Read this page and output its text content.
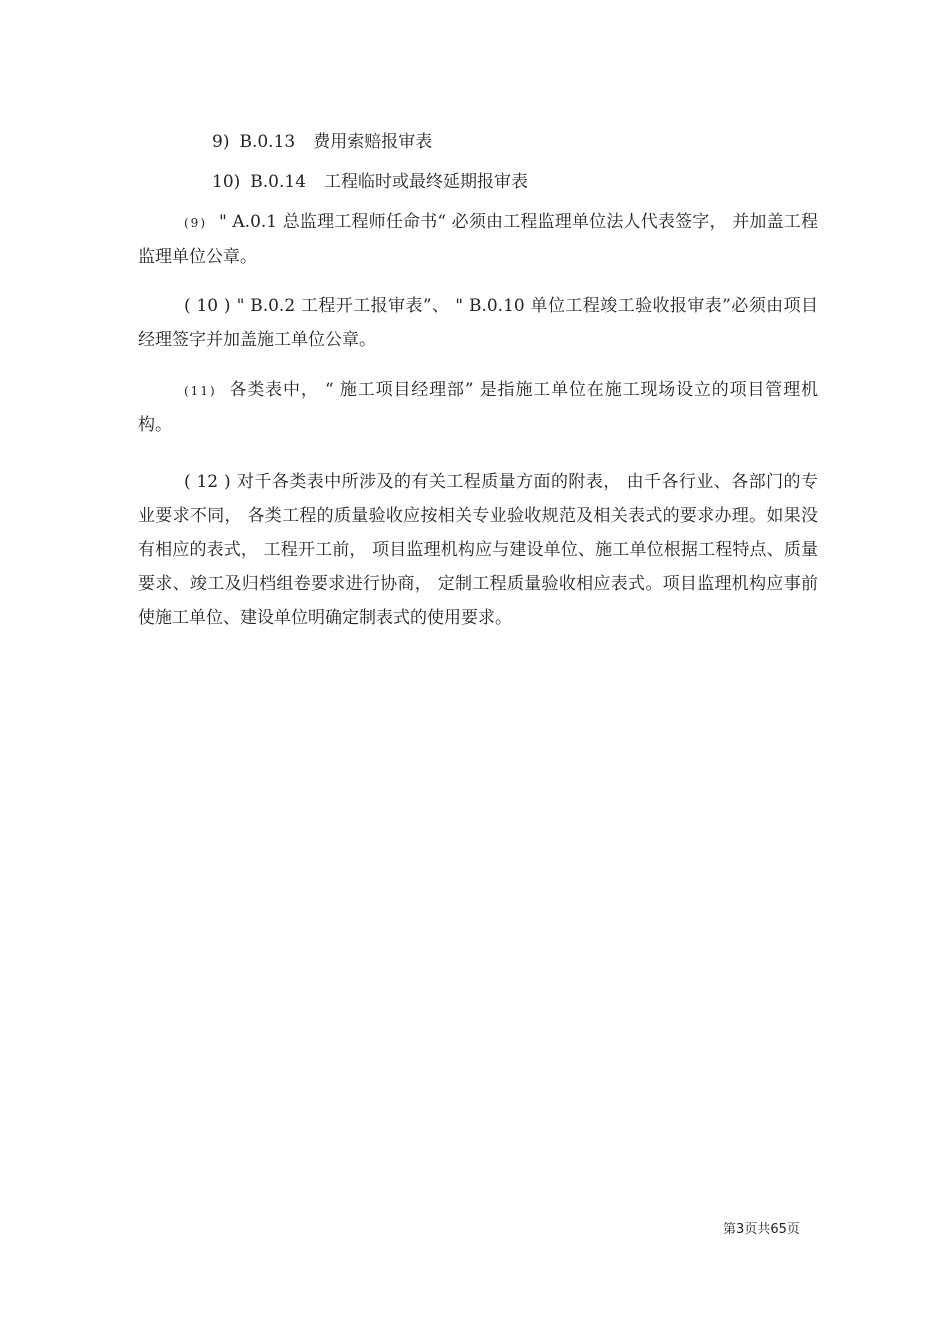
9) B.0.13 费用索赔报审表
10) B.0.14 工程临时或最终延期报审表
(9) " A.0.1 总监理工程师任命书“ 必须由工程监理单位法人代表签字， 并加盖工程监理单位公章。
( 10 ) " B.0.2 工程开工报审表”、 " B.0.10 单位工程竣工验收报审表”必须由项目经理签字并加盖施工单位公章。
(11) 各类表中， “ 施工项目经理部” 是指施工单位在施工现场设立的项目管理机构。
( 12 ) 对千各类表中所涉及的有关工程质量方面的附表， 由千各行业、各部门的专业要求不同， 各类工程的质量验收应按相关专业验收规范及相关表式的要求办理。如果没有相应的表式， 工程开工前， 项目监理机构应与建设单位、施工单位根据工程特点、质量要求、竣工及归档组卷要求进行协商， 定制工程质量验收相应表式。项目监理机构应事前使施工单位、建设单位明确定制表式的使用要求。
第3页共65页
